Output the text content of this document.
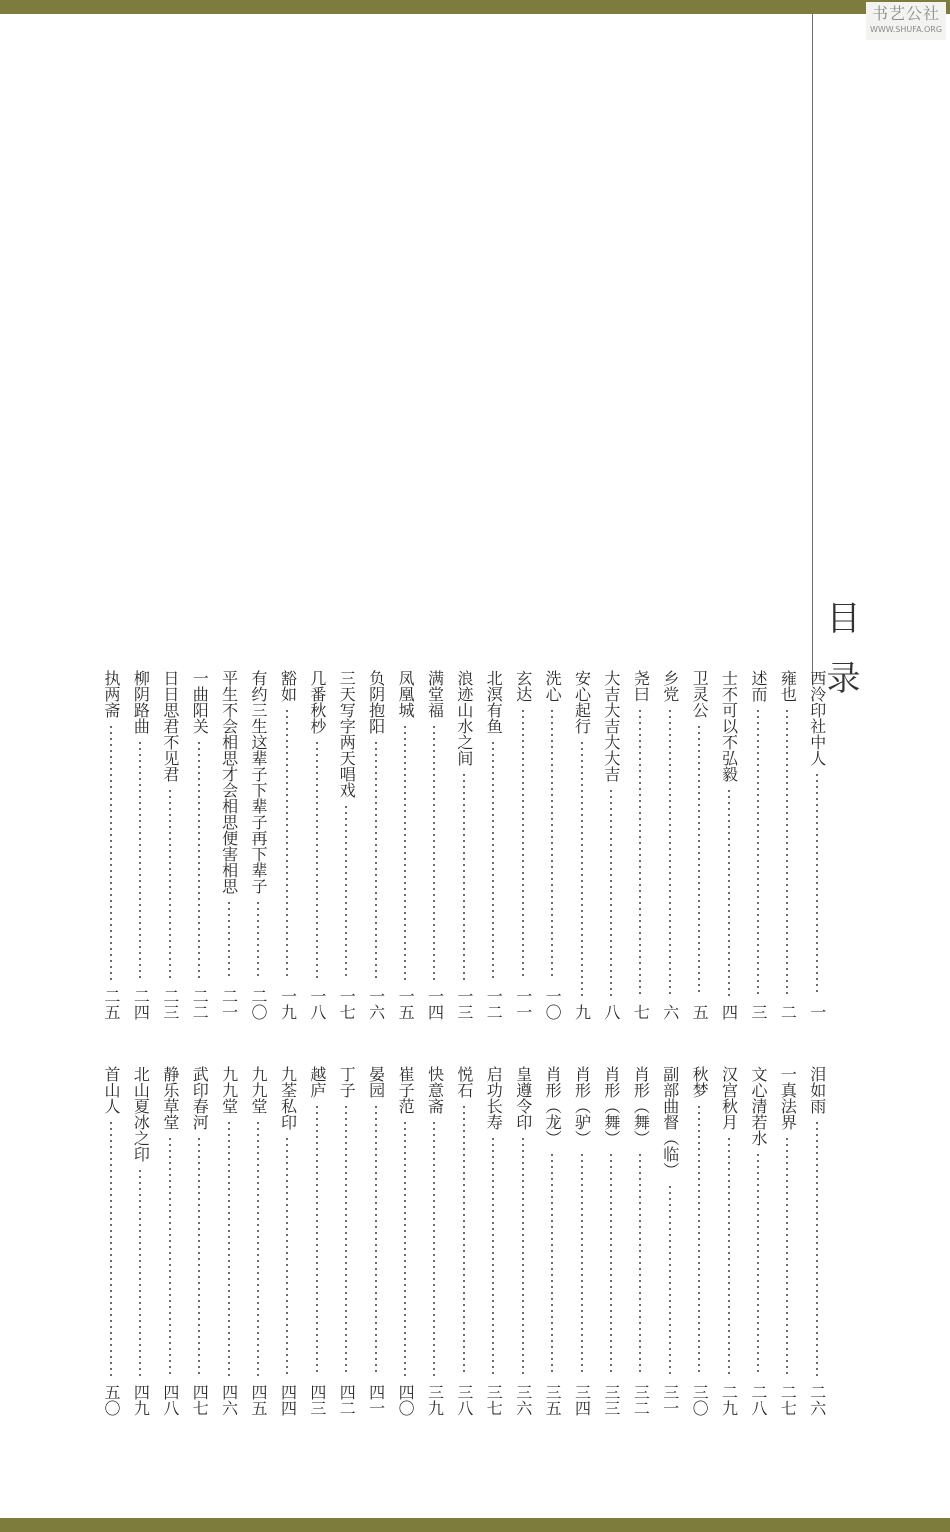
书艺公社
WWW.SHUFA.ORG
目录
西泠印社中人
一
雍也
二
述而
三
士不可以不弘毅
四
卫灵公
五
乡党
六
尧曰
七
大吉大吉大大吉
八
安心起行
九
洗心
一〇
玄达
一一
北溟有鱼
一二
浪迹山水之间
一三
满堂福
一四
凤凰城
一五
负阴抱阳
一六
三天写字两天唱戏
一七
几番秋杪
一八
豁如
一九
有约三生这辈子下辈子再下辈子
二〇
平生不会相思才会相思便害相思
二一
一曲阳关
二二
日日思君不见君
二三
柳阴路曲
二四
执两斋
二五
泪如雨
二六
一真法界
二七
文心清若水
二八
汉宫秋月
二九
秋梦
三〇
副部曲督（临）
三一
肖形（舞）
三二
肖形（舞）
三三
肖形（驴）
三四
肖形（龙）
三五
皇遵令印
三六
启功长寿
三七
悦石
三八
快意斋
三九
崔子范
四〇
晏园
四一
丁子
四二
越庐
四三
九荃私印
四四
九九堂
四五
九九堂
四六
武印春河
四七
静乐草堂
四八
北山夏冰之印
四九
首山人
五〇
